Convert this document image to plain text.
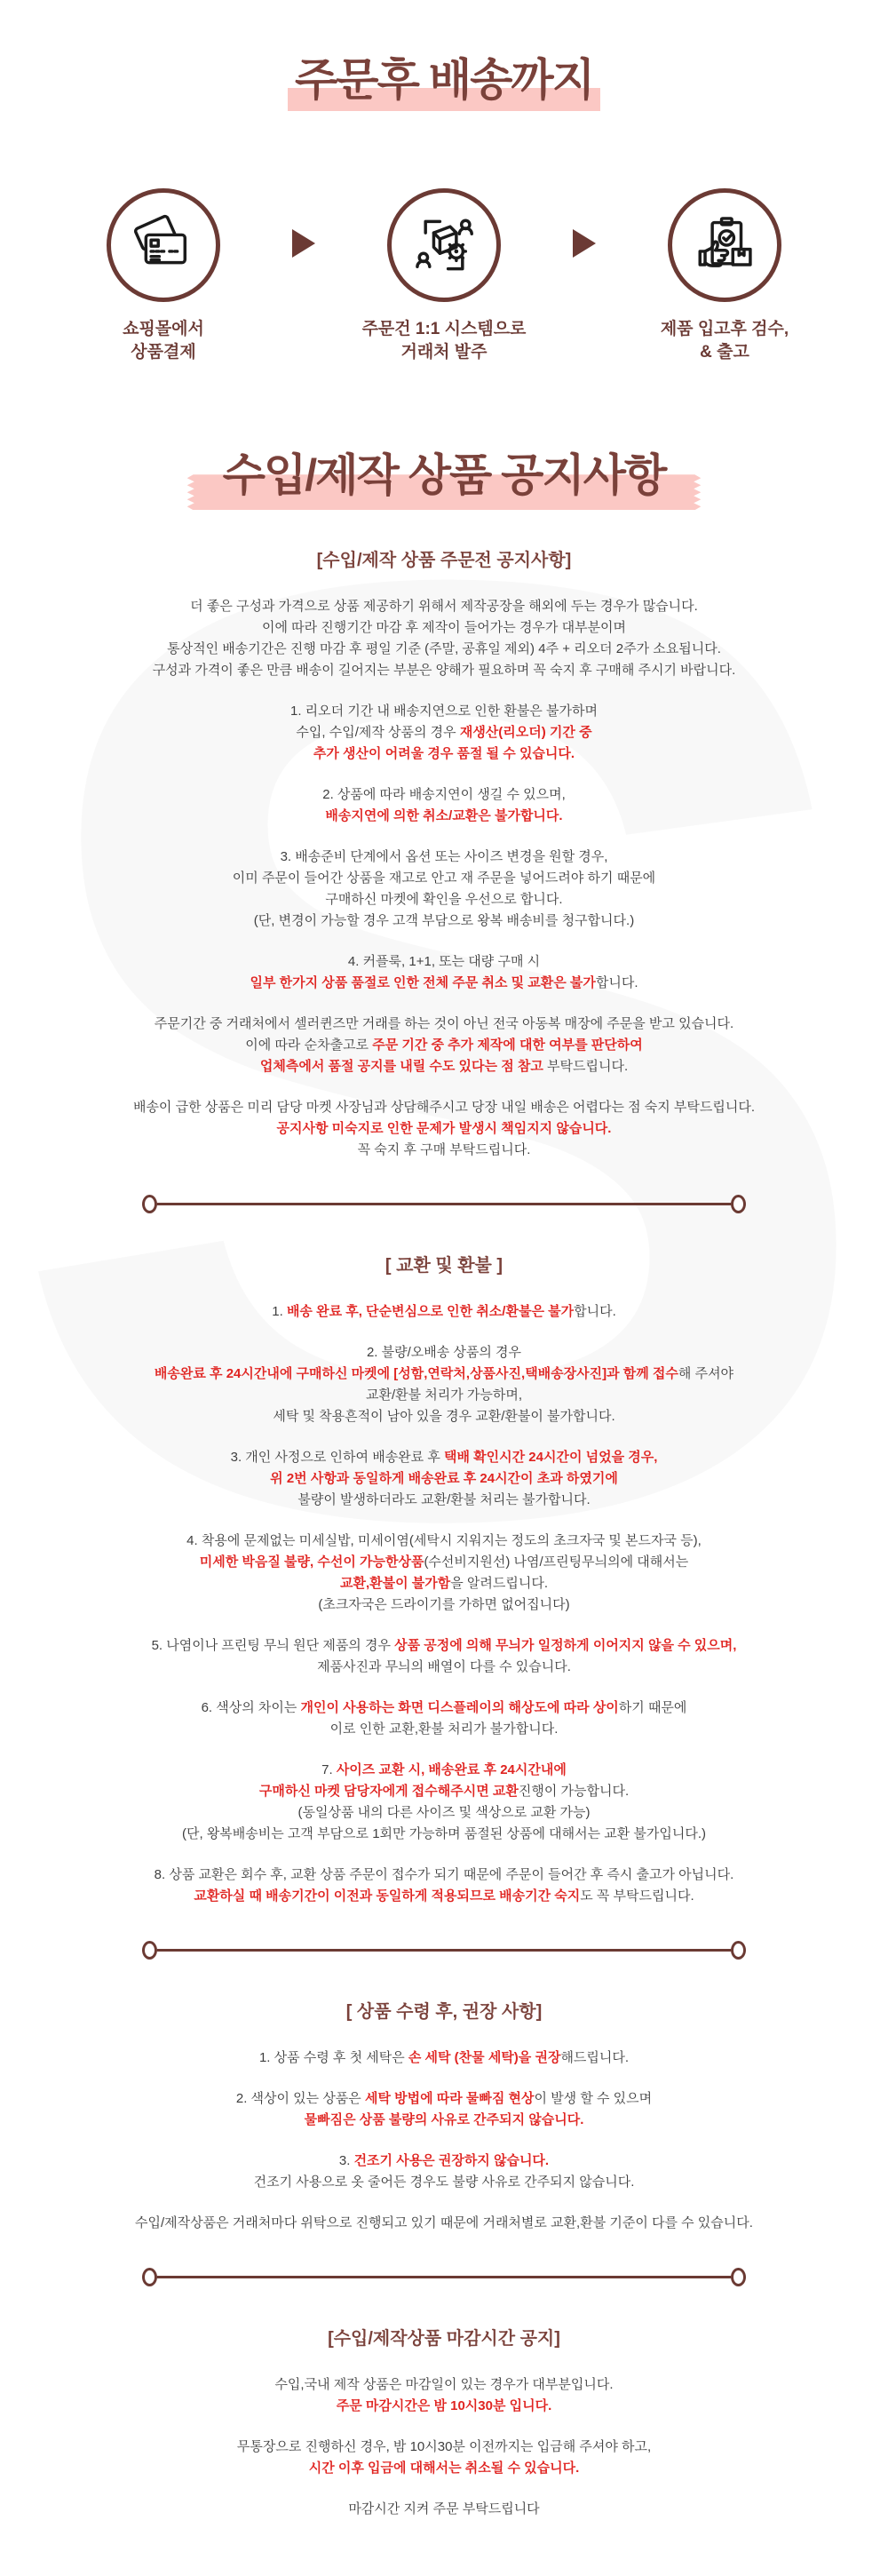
주문후 배송까지
쇼핑몰에서
상품결제
주문건 1:1 시스템으로
거래처 발주
제품 입고후 검수,
& 출고
수입/제작 상품 공지사항
[수입/제작 상품 주문전 공지사항]
더 좋은 구성과 가격으로 상품 제공하기 위해서 제작공장을 해외에 두는 경우가 많습니다.
이에 따라 진행기간 마감 후 제작이 들어가는 경우가 대부분이며
통상적인 배송기간은 진행 마감 후 평일 기준 (주말, 공휴일 제외) 4주 + 리오더 2주가 소요됩니다.
구성과 가격이 좋은 만큼 배송이 길어지는 부분은 양해가 필요하며 꼭 숙지 후 구매해 주시기 바랍니다.
1. 리오더 기간 내 배송지연으로 인한 환불은 불가하며
수입, 수입/제작 상품의 경우 재생산(리오더) 기간 중
추가 생산이 어려울 경우 품절 될 수 있습니다.
2. 상품에 따라 배송지연이 생길 수 있으며,
배송지연에 의한 취소/교환은 불가합니다.
3. 배송준비 단계에서 옵션 또는 사이즈 변경을 원할 경우,
이미 주문이 들어간 상품을 재고로 안고 재 주문을 넣어드려야 하기 때문에
구매하신 마켓에 확인을 우선으로 합니다.
(단, 변경이 가능할 경우 고객 부담으로 왕복 배송비를 청구합니다.)
4. 커플룩, 1+1, 또는 대량 구매 시
일부 한가지 상품 품절로 인한 전체 주문 취소 및 교환은 불가합니다.
주문기간 중 거래처에서 셀러퀸즈만 거래를 하는 것이 아닌 전국 아동복 매장에 주문을 받고 있습니다.
이에 따라 순차출고로 주문 기간 중 추가 제작에 대한 여부를 판단하여
업체측에서 품절 공지를 내릴 수도 있다는 점 참고 부탁드립니다.
배송이 급한 상품은 미리 담당 마켓 사장님과 상담해주시고 당장 내일 배송은 어렵다는 점 숙지 부탁드립니다.
공지사항 미숙지로 인한 문제가 발생시 책임지지 않습니다.
꼭 숙지 후 구매 부탁드립니다.
[ 교환 및 환불 ]
1. 배송 완료 후, 단순변심으로 인한 취소/환불은 불가합니다.
2. 불량/오배송 상품의 경우
배송완료 후 24시간내에 구매하신 마켓에 [성함,연락처,상품사진,택배송장사진]과 함께 접수해 주셔야
교환/환불 처리가 가능하며,
세탁 및 착용흔적이 남아 있을 경우 교환/환불이 불가합니다.
3. 개인 사정으로 인하여 배송완료 후 택배 확인시간 24시간이 넘었을 경우,
위 2번 사항과 동일하게 배송완료 후 24시간이 초과 하였기에
불량이 발생하더라도 교환/환불 처리는 불가합니다.
4. 착용에 문제없는 미세실밥, 미세이염(세탁시 지워지는 정도의 초크자국 및 본드자국 등),
미세한 박음질 불량, 수선이 가능한상품(수선비지원선) 나염/프린팅무늬의에 대해서는
교환,환불이 불가함을 알려드립니다.
(초크자국은 드라이기를 가하면 없어집니다)
5. 나염이나 프린팅 무늬 원단 제품의 경우 상품 공정에 의해 무늬가 일정하게 이어지지 않을 수 있으며,
제품사진과 무늬의 배열이 다를 수 있습니다.
6. 색상의 차이는 개인이 사용하는 화면 디스플레이의 해상도에 따라 상이하기 때문에
이로 인한 교환,환불 처리가 불가합니다.
7. 사이즈 교환 시, 배송완료 후 24시간내에
구매하신 마켓 담당자에게 접수해주시면 교환진행이 가능합니다.
(동일상품 내의 다른 사이즈 및 색상으로 교환 가능)
(단, 왕복배송비는 고객 부담으로 1회만 가능하며 품절된 상품에 대해서는 교환 불가입니다.)
8. 상품 교환은 회수 후, 교환 상품 주문이 접수가 되기 때문에 주문이 들어간 후 즉시 출고가 아닙니다.
교환하실 때 배송기간이 이전과 동일하게 적용되므로 배송기간 숙지도 꼭 부탁드립니다.
[ 상품 수령 후, 권장 사항]
1. 상품 수령 후 첫 세탁은 손 세탁 (찬물 세탁)을 권장해드립니다.
2. 색상이 있는 상품은 세탁 방법에 따라 물빠짐 현상이 발생 할 수 있으며
물빠짐은 상품 불량의 사유로 간주되지 않습니다.
3. 건조기 사용은 권장하지 않습니다.
건조기 사용으로 옷 줄어든 경우도 불량 사유로 간주되지 않습니다.
수입/제작상품은 거래처마다 위탁으로 진행되고 있기 때문에 거래처별로 교환,환불 기준이 다를 수 있습니다.
[수입/제작상품 마감시간 공지]
수입,국내 제작 상품은 마감일이 있는 경우가 대부분입니다.
주문 마감시간은 밤 10시30분 입니다.
무통장으로 진행하신 경우, 밤 10시30분 이전까지는 입금해 주셔야 하고,
시간 이후 입금에 대해서는 취소될 수 있습니다.
마감시간 지켜 주문 부탁드립니다
